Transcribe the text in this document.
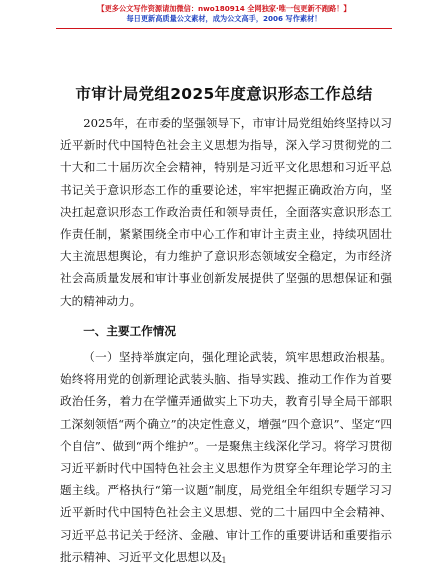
【更多公文写作资源请加微信：nwo180914 全网独家·唯一包更新不跑路！】
每日更新高质量公文素材，成为公文高手，2006 写作素材！
市审计局党组2025年度意识形态工作总结

2025年，在市委的坚强领导下，市审计局党组始终坚持以习近平新时代中国特色社会主义思想为指导，深入学习贯彻党的二十大和二十届历次全会精神，特别是习近平文化思想和习近平总书记关于意识形态工作的重要论述，牢牢把握正确政治方向，坚决扛起意识形态工作政治责任和领导责任，全面落实意识形态工作责任制，紧紧围绕全市中心工作和审计主责主业，持续巩固壮大主流思想舆论，有力维护了意识形态领域安全稳定，为市经济社会高质量发展和审计事业创新发展提供了坚强的思想保证和强大的精神动力。

一、主要工作情况

（一）坚持举旗定向，强化理论武装，筑牢思想政治根基。始终将用党的创新理论武装头脑、指导实践、推动工作作为首要政治任务，着力在学懂弄通做实上下功夫，教育引导全局干部职工深刻领悟“两个确立”的决定性意义，增强“四个意识”、坚定“四个自信”、做到“两个维护”。一是聚焦主线深化学习。将学习贯彻习近平新时代中国特色社会主义思想作为贯穿全年理论学习的主题主线。严格执行“第一议题”制度，局党组全年组织专题学习习近平新时代中国特色社会主义思想、党的二十届四中全会精神、习近平总书记关于经济、金融、审计工作的重要讲话和重要指示批示精神、习近平文化思想以及 1
